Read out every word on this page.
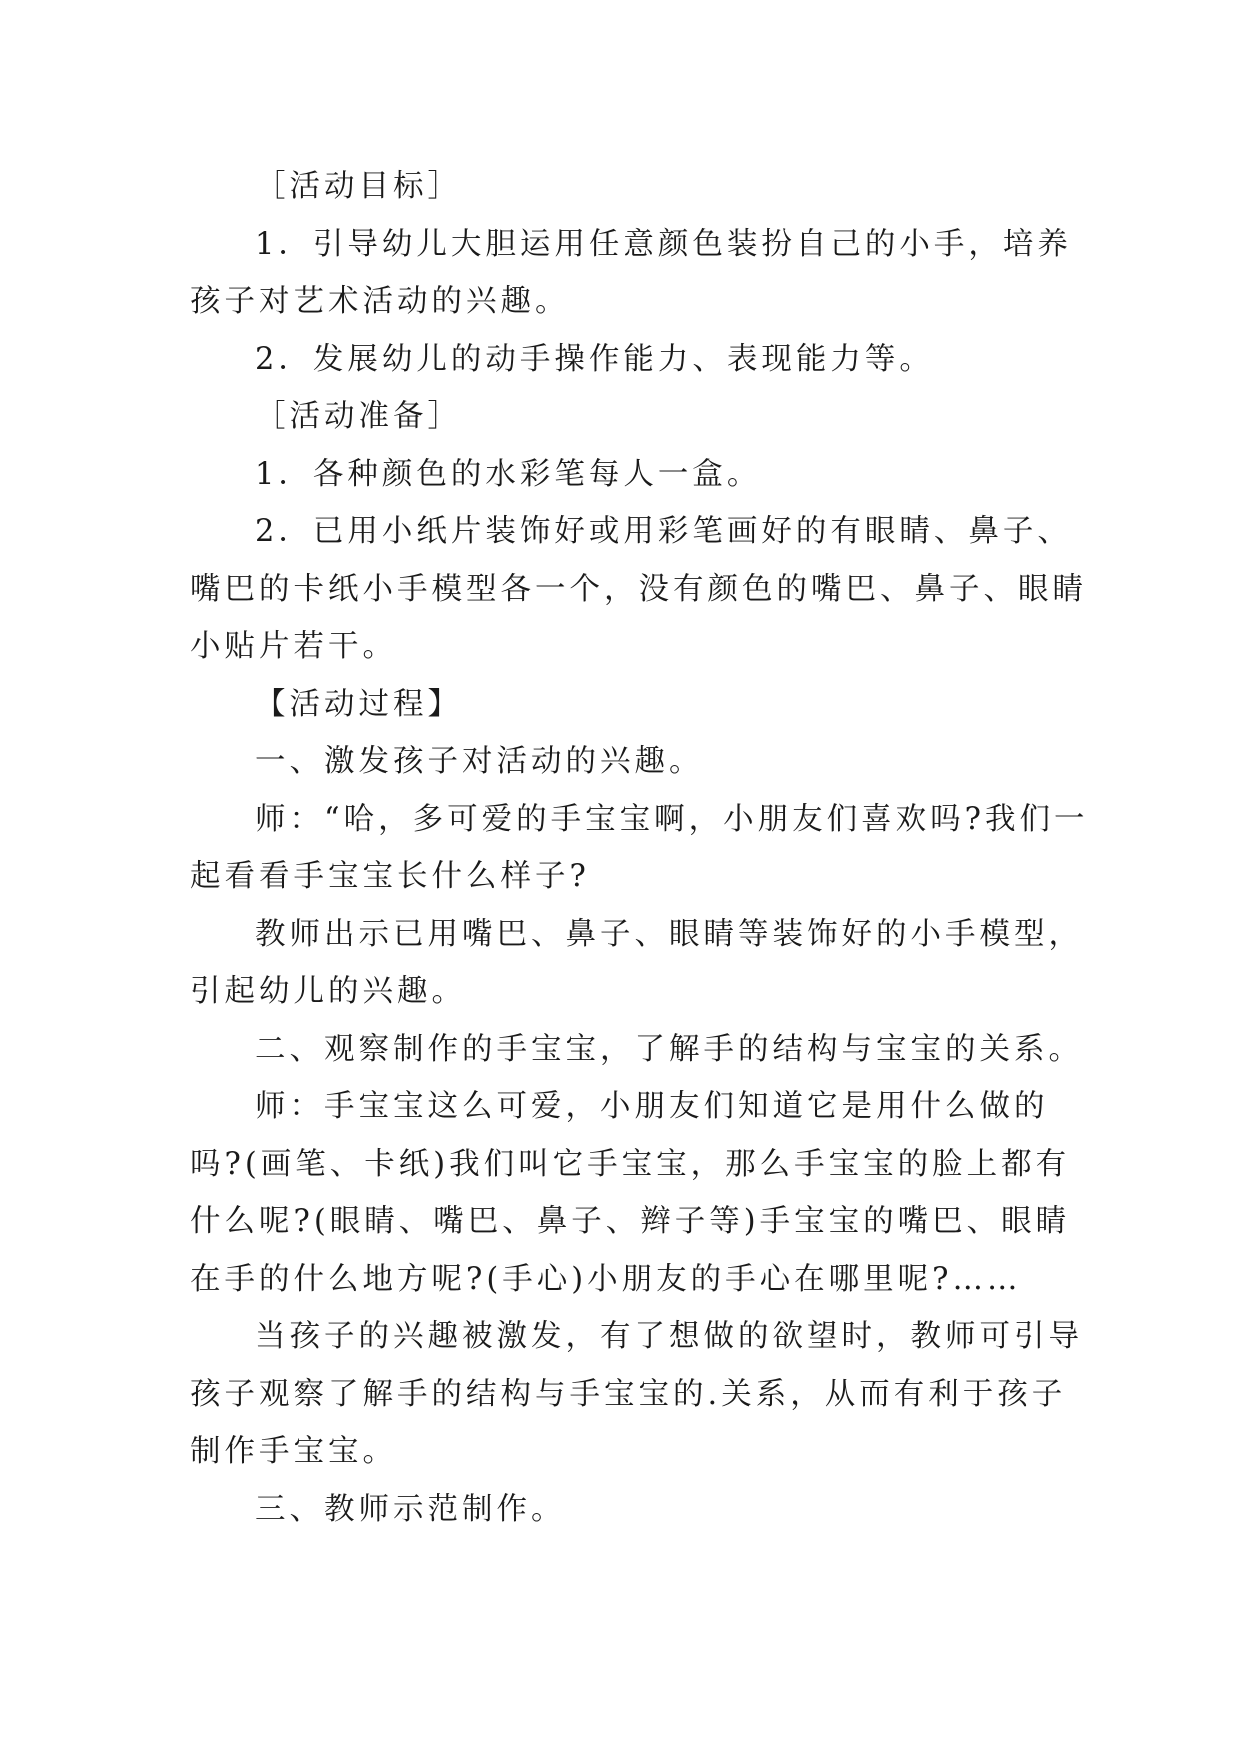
［活动目标］
1．引导幼儿大胆运用任意颜色装扮自己的小手，培养
孩子对艺术活动的兴趣。
2．发展幼儿的动手操作能力、表现能力等。
［活动准备］
1．各种颜色的水彩笔每人一盒。
2．已用小纸片装饰好或用彩笔画好的有眼睛、鼻子、
嘴巴的卡纸小手模型各一个，没有颜色的嘴巴、鼻子、眼睛
小贴片若干。
【活动过程】
一、激发孩子对活动的兴趣。
师：“哈，多可爱的手宝宝啊，小朋友们喜欢吗?我们一
起看看手宝宝长什么样子?
教师出示已用嘴巴、鼻子、眼睛等装饰好的小手模型，
引起幼儿的兴趣。
二、观察制作的手宝宝，了解手的结构与宝宝的关系。
师：手宝宝这么可爱，小朋友们知道它是用什么做的
吗?(画笔、卡纸)我们叫它手宝宝，那么手宝宝的脸上都有
什么呢?(眼睛、嘴巴、鼻子、辫子等)手宝宝的嘴巴、眼睛
在手的什么地方呢?(手心)小朋友的手心在哪里呢?……
当孩子的兴趣被激发，有了想做的欲望时，教师可引导
孩子观察了解手的结构与手宝宝的.关系，从而有利于孩子
制作手宝宝。
三、教师示范制作。
